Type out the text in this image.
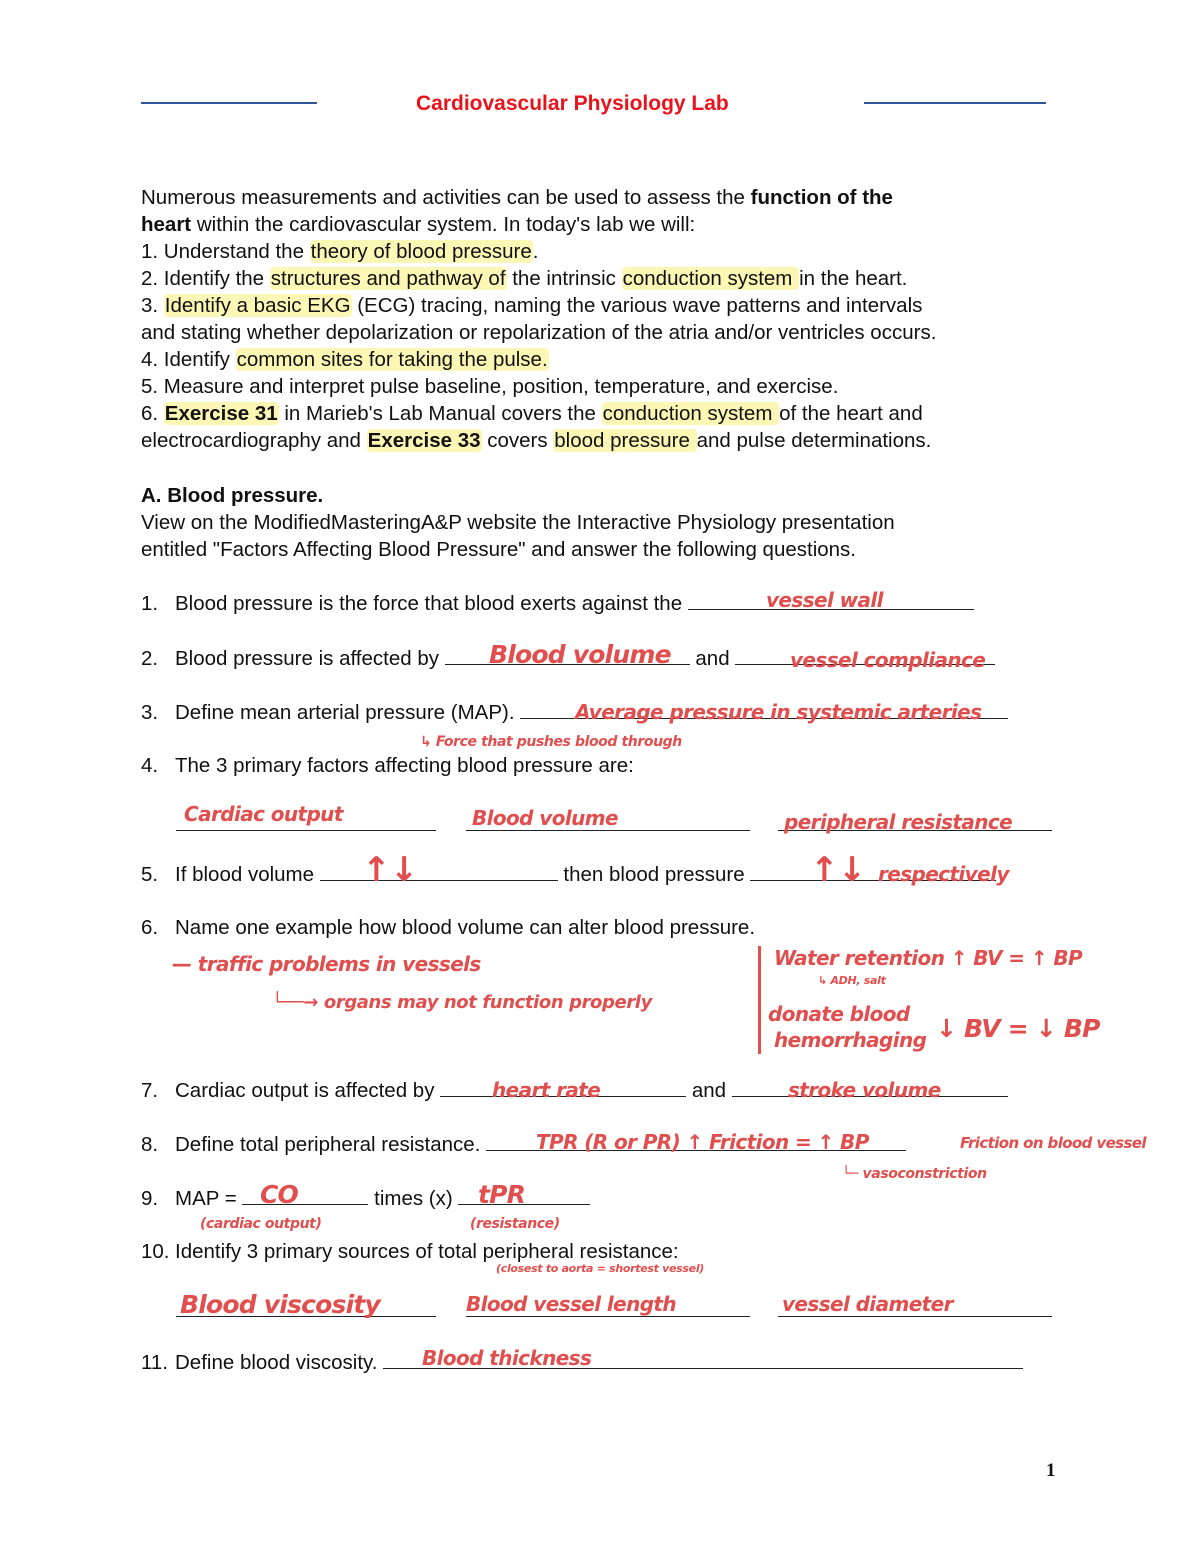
Cardiovascular Physiology Lab
Numerous measurements and activities can be used to assess the function of the
heart within the cardiovascular system. In today's lab we will:
1. Understand the theory of blood pressure.
2. Identify the structures and pathway of the intrinsic conduction system in the heart.
3. Identify a basic EKG (ECG) tracing, naming the various wave patterns and intervals
and stating whether depolarization or repolarization of the atria and/or ventricles occurs.
4. Identify common sites for taking the pulse.
5. Measure and interpret pulse baseline, position, temperature, and exercise.
6. Exercise 31 in Marieb's Lab Manual covers the conduction system of the heart and
electrocardiography and Exercise 33 covers blood pressure and pulse determinations.
A. Blood pressure.
View on the ModifiedMasteringA&P website the Interactive Physiology presentation
entitled "Factors Affecting Blood Pressure" and answer the following questions.
1. Blood pressure is the force that blood exerts against the	vessel wall
2. Blood pressure is affected by	and
Blood volume	vessel compliance
3. Define mean arterial pressure (MAP).	Average pressure in systemic arteries
↳ Force that pushes blood through
4. The 3 primary factors affecting blood pressure are:
Cardiac output	Blood volume	peripheral resistance
5. If blood volume	then blood pressure
↑↓	↑↓ respectively
6. Name one example how blood volume can alter blood pressure.
— traffic problems in vessels
└──→ organs may not function properly
Water retention ↑ BV = ↑ BP
↳ ADH, salt
donate blood
hemorrhaging ↓ BV = ↓ BP
7. Cardiac output is affected by	and
heart rate	stroke volume
8. Define total peripheral resistance.	TPR (R or PR) ↑ Friction = ↑ BP	Friction on blood vessel
└─ vasoconstriction
9. MAP =	times (x)
CO	tPR
(cardiac output)	(resistance)
10. Identify 3 primary sources of total peripheral resistance:
(closest to aorta = shortest vessel)
Blood viscosity	Blood vessel length	vessel diameter
11. Define blood viscosity.	Blood thickness
1
